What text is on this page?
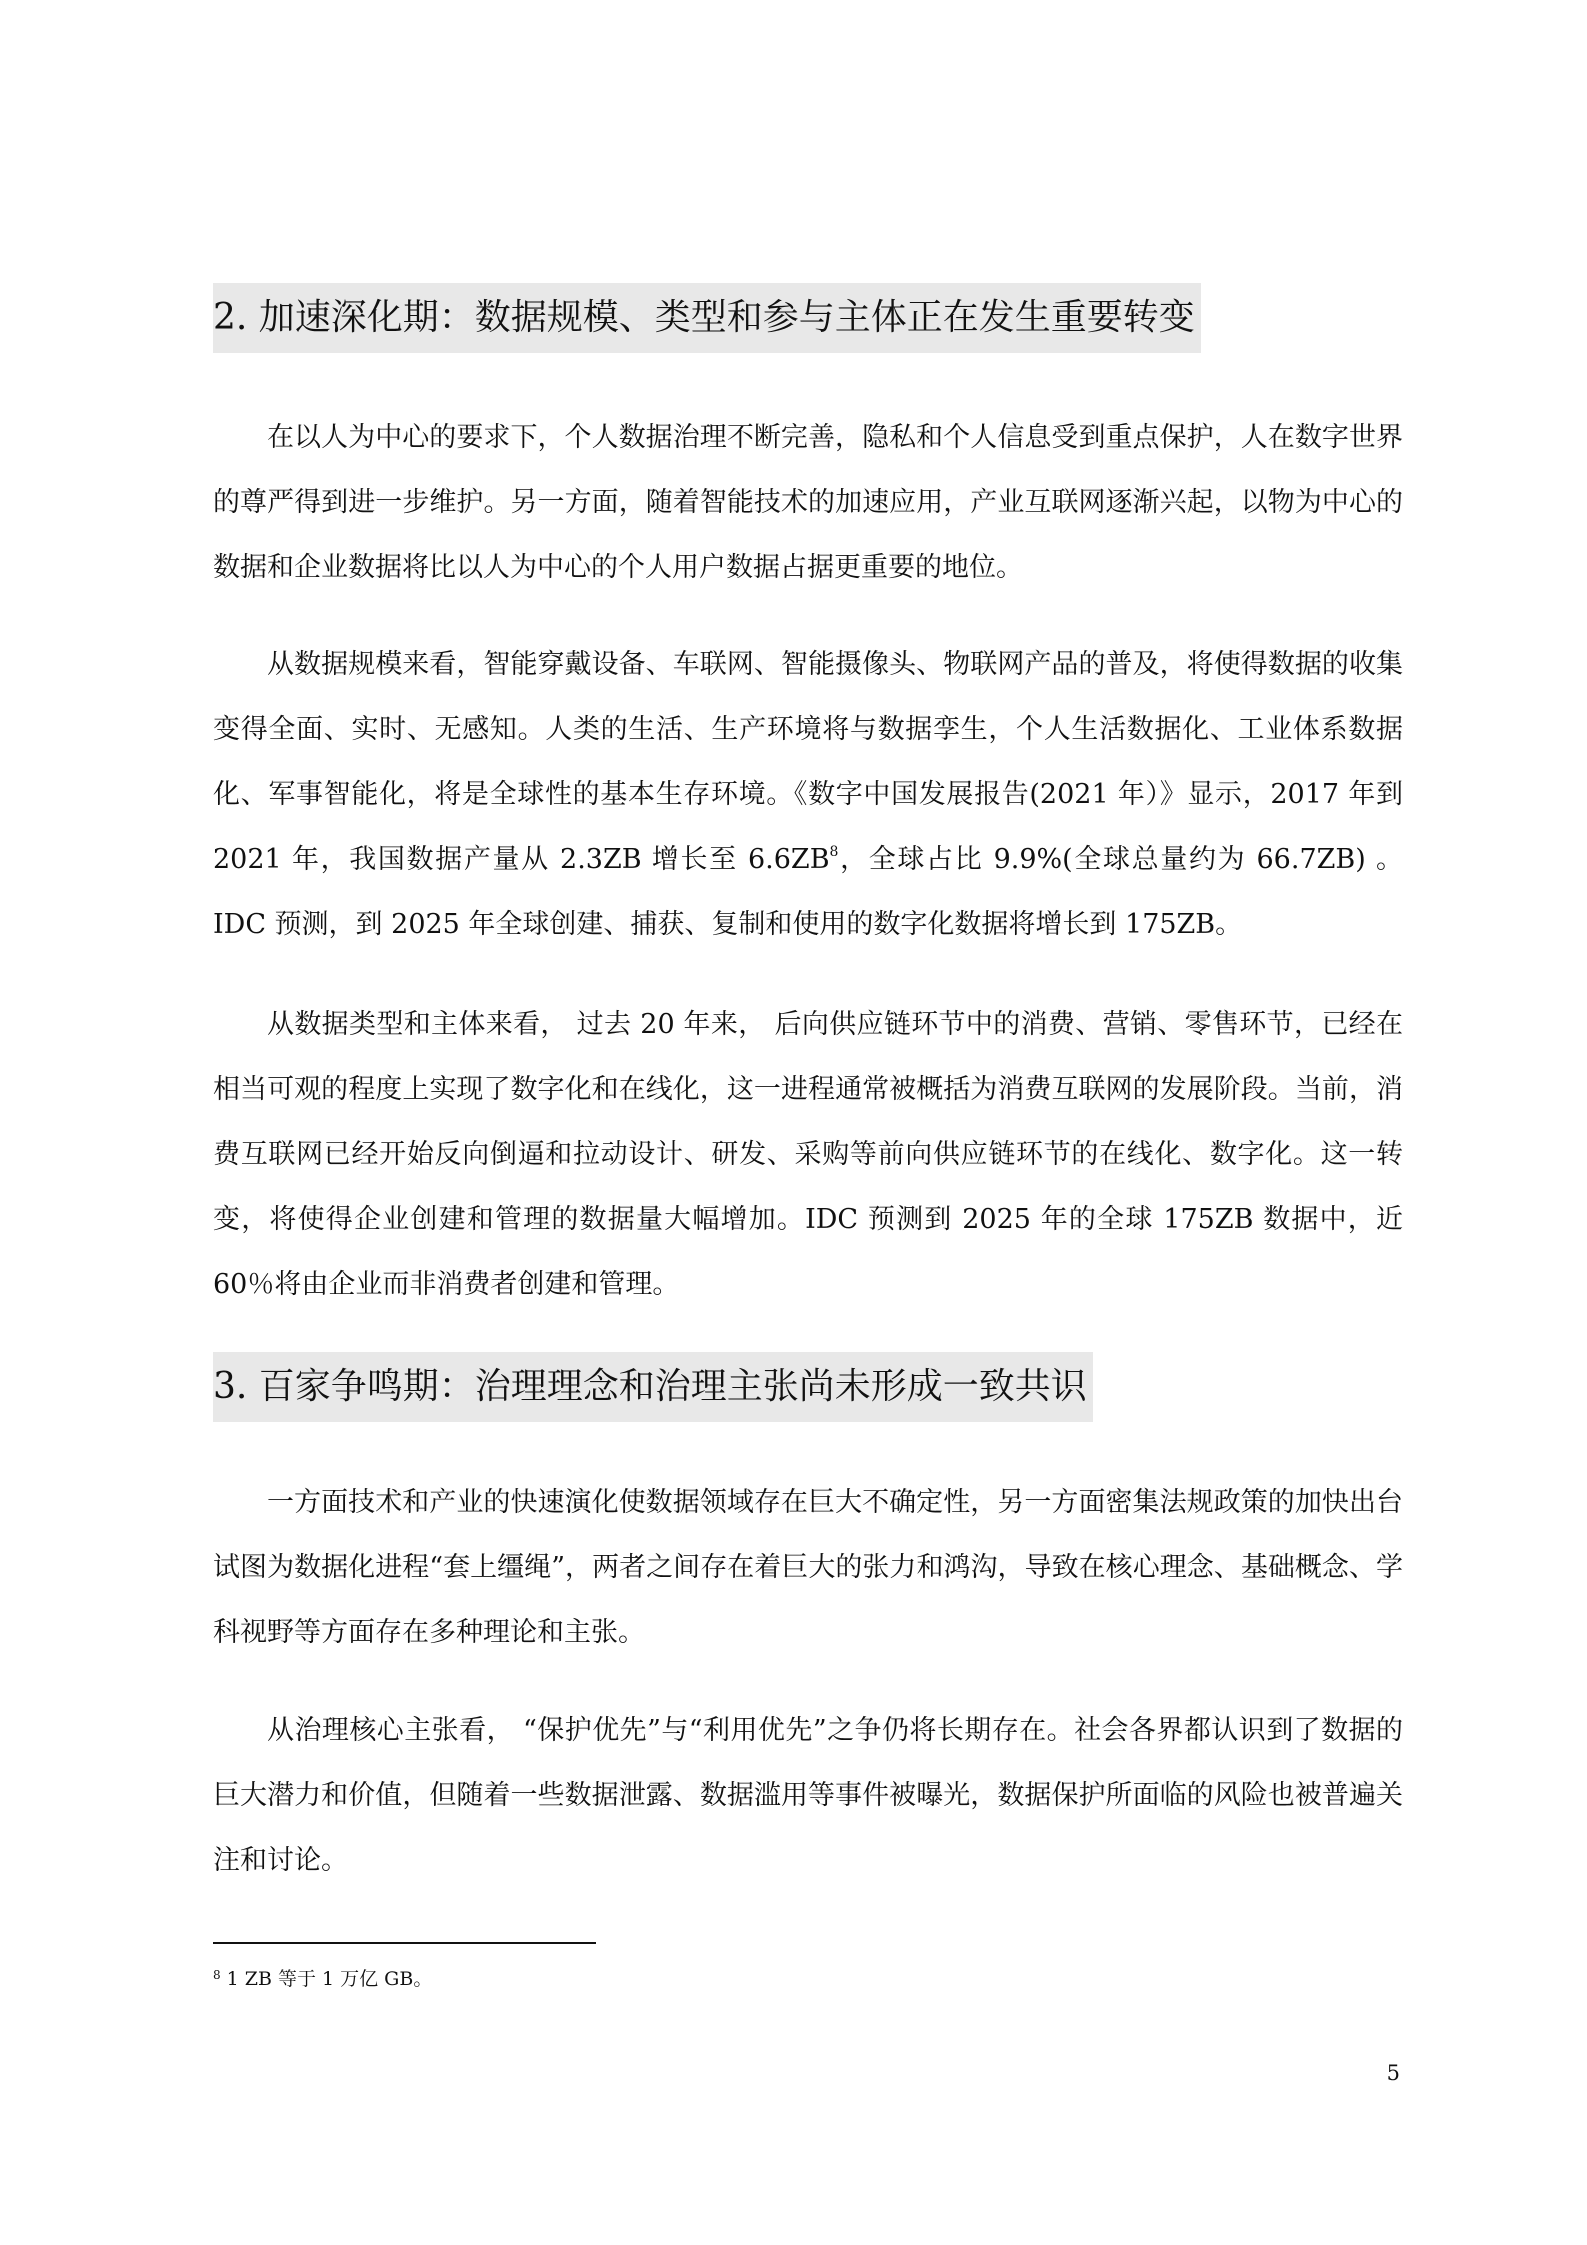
2. 加速深化期：数据规模、类型和参与主体正在发生重要转变

在以人为中心的要求下，个人数据治理不断完善，隐私和个人信息受到重点保护，人在数字世界的尊严得到进一步维护。另一方面，随着智能技术的加速应用，产业互联网逐渐兴起，以物为中心的数据和企业数据将比以人为中心的个人用户数据占据更重要的地位。

从数据规模来看，智能穿戴设备、车联网、智能摄像头、物联网产品的普及，将使得数据的收集变得全面、实时、无感知。人类的生活、生产环境将与数据孪生，个人生活数据化、工业体系数据化、军事智能化，将是全球性的基本生存环境。《数字中国发展报告(2021 年）》显示，2017 年到 2021 年，我国数据产量从 2.3ZB 增长至 $6.6ZB^8$，全球占比 9.9%(全球总量约为 66.7ZB) 。IDC 预测，到 2025 年全球创建、捕获、复制和使用的数字化数据将增长到 175ZB。

从数据类型和主体来看， 过去 20 年来， 后向供应链环节中的消费、营销、零售环节，已经在相当可观的程度上实现了数字化和在线化，这一进程通常被概括为消费互联网的发展阶段。当前，消费互联网已经开始反向倒逼和拉动设计、研发、采购等前向供应链环节的在线化、数字化。这一转变，将使得企业创建和管理的数据量大幅增加。IDC 预测到 2025 年的全球 175ZB 数据中，近 60％将由企业而非消费者创建和管理。

3. 百家争鸣期：治理理念和治理主张尚未形成一致共识

一方面技术和产业的快速演化使数据领域存在巨大不确定性，另一方面密集法规政策的加快出台试图为数据化进程“套上缰绳”，两者之间存在着巨大的张力和鸿沟，导致在核心理念、基础概念、学科视野等方面存在多种理论和主张。

从治理核心主张看， “保护优先”与“利用优先”之争仍将长期存在。社会各界都认识到了数据的巨大潜力和价值，但随着一些数据泄露、数据滥用等事件被曝光，数据保护所面临的风险也被普遍关注和讨论。

$^8$ 1 ZB 等于 1 万亿 GB。
5
